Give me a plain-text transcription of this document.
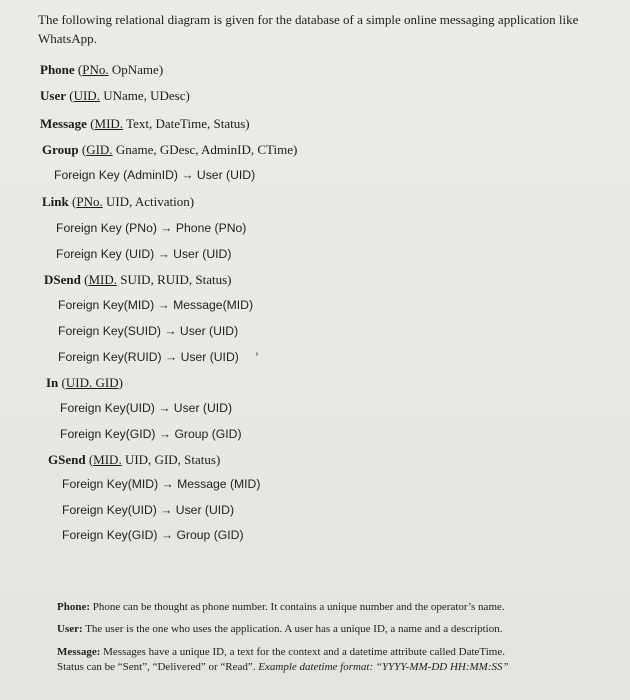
The following relational diagram is given for the database of a simple online messaging application like
WhatsApp.
Phone (PNo. OpName)
User (UID. UName, UDesc)
Message (MID. Text, DateTime, Status)
Group (GID. Gname, GDesc, AdminID, CTime)
Foreign Key (AdminID) → User (UID)
Link (PNo. UID, Activation)
Foreign Key (PNo) → Phone (PNo)
Foreign Key (UID) → User (UID)
DSend (MID. SUID, RUID, Status)
Foreign Key(MID) → Message(MID)
Foreign Key(SUID) → User (UID)
Foreign Key(RUID) → User (UID)
In (UID. GID)
Foreign Key(UID) → User (UID)
Foreign Key(GID) → Group (GID)
GSend (MID. UID, GID, Status)
Foreign Key(MID) → Message (MID)
Foreign Key(UID) → User (UID)
Foreign Key(GID) → Group (GID)
Phone: Phone can be thought as phone number. It contains a unique number and the operator’s name.
User: The user is the one who uses the application. A user has a unique ID, a name and a description.
Message: Messages have a unique ID, a text for the context and a datetime attribute called DateTime.
Status can be “Sent”, “Delivered” or “Read”. Example datetime format: “YYYY-MM-DD HH:MM:SS”
